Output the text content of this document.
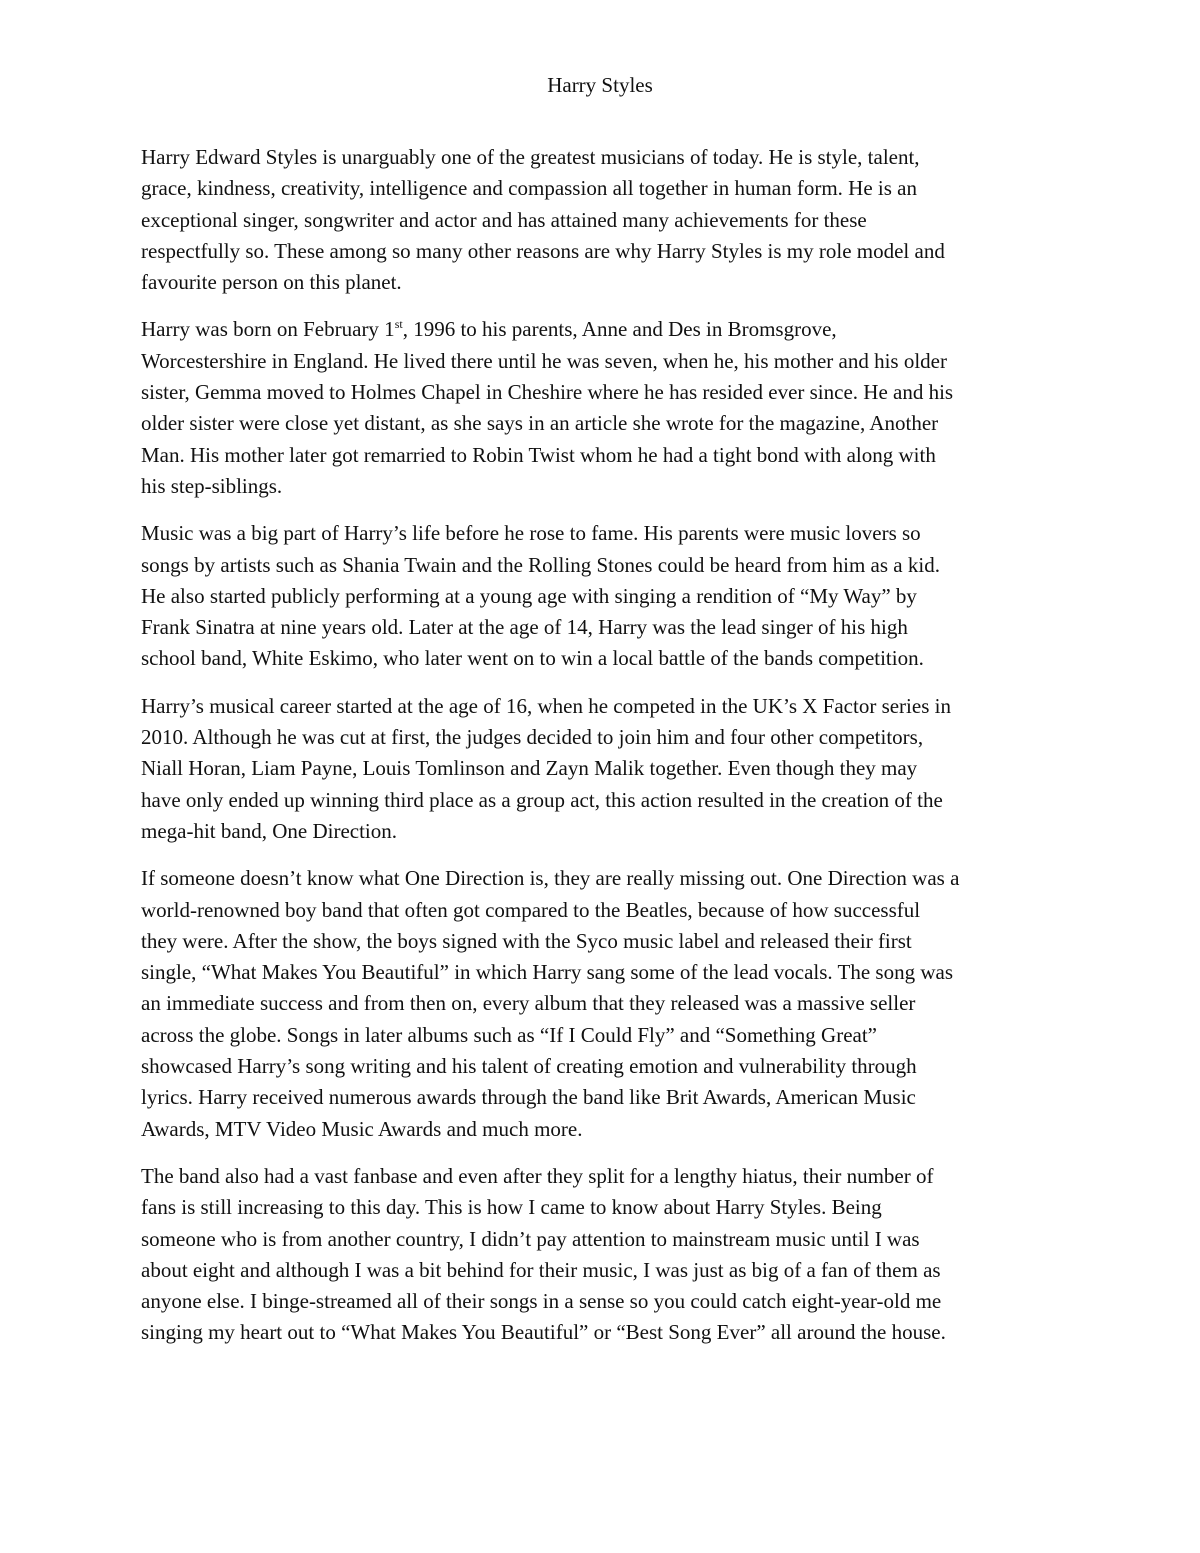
Harry Styles

Harry Edward Styles is unarguably one of the greatest musicians of today. He is style, talent,
grace, kindness, creativity, intelligence and compassion all together in human form. He is an
exceptional singer, songwriter and actor and has attained many achievements for these
respectfully so. These among so many other reasons are why Harry Styles is my role model and
favourite person on this planet.

Harry was born on February 1st, 1996 to his parents, Anne and Des in Bromsgrove,
Worcestershire in England. He lived there until he was seven, when he, his mother and his older
sister, Gemma moved to Holmes Chapel in Cheshire where he has resided ever since. He and his
older sister were close yet distant, as she says in an article she wrote for the magazine, Another
Man. His mother later got remarried to Robin Twist whom he had a tight bond with along with
his step-siblings.

Music was a big part of Harry’s life before he rose to fame. His parents were music lovers so
songs by artists such as Shania Twain and the Rolling Stones could be heard from him as a kid.
He also started publicly performing at a young age with singing a rendition of “My Way” by
Frank Sinatra at nine years old. Later at the age of 14, Harry was the lead singer of his high
school band, White Eskimo, who later went on to win a local battle of the bands competition.

Harry’s musical career started at the age of 16, when he competed in the UK’s X Factor series in
2010. Although he was cut at first, the judges decided to join him and four other competitors,
Niall Horan, Liam Payne, Louis Tomlinson and Zayn Malik together. Even though they may
have only ended up winning third place as a group act, this action resulted in the creation of the
mega-hit band, One Direction.

If someone doesn’t know what One Direction is, they are really missing out. One Direction was a
world-renowned boy band that often got compared to the Beatles, because of how successful
they were. After the show, the boys signed with the Syco music label and released their first
single, “What Makes You Beautiful” in which Harry sang some of the lead vocals. The song was
an immediate success and from then on, every album that they released was a massive seller
across the globe. Songs in later albums such as “If I Could Fly” and “Something Great”
showcased Harry’s song writing and his talent of creating emotion and vulnerability through
lyrics. Harry received numerous awards through the band like Brit Awards, American Music
Awards, MTV Video Music Awards and much more.

The band also had a vast fanbase and even after they split for a lengthy hiatus, their number of
fans is still increasing to this day. This is how I came to know about Harry Styles. Being
someone who is from another country, I didn’t pay attention to mainstream music until I was
about eight and although I was a bit behind for their music, I was just as big of a fan of them as
anyone else. I binge-streamed all of their songs in a sense so you could catch eight-year-old me
singing my heart out to “What Makes You Beautiful” or “Best Song Ever” all around the house.
